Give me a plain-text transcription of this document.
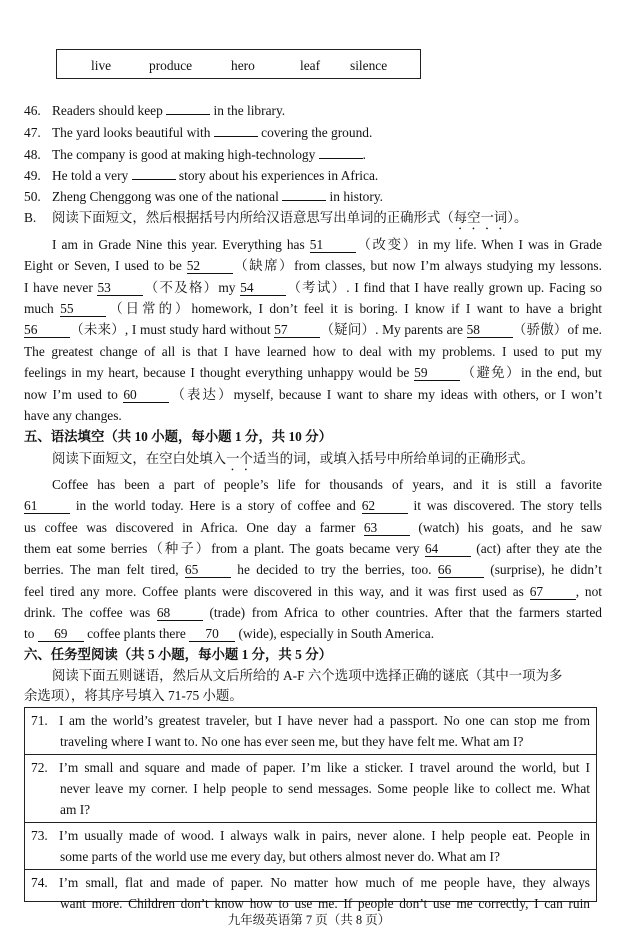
live	produce	hero	leaf silence
46. Readers should keep	in the library.
47. The yard looks beautiful with	covering the ground.
48. The company is good at making high-technology	.
49. He told a very	story about his experiences in Africa.
50. Zheng Chenggong was one of the national	in history.
B. 阅读下面短文，然后根据括号内所给汉语意思写出单词的正确形式（每空一词）。
I am in Grade Nine this year. Everything has 51 （改变）in my life. When I was in Grade
Eight or Seven, I used to be 52 （缺席）from classes, but now I’m always studying my lessons.
I have never 53 （不及格）my 54 （考试）. I find that I have really grown up. Facing so
much 55 （日常的）homework, I don’t feel it is boring. I know if I want to have a bright
56 （未来）, I must study hard without 57 （疑问）. My parents are 58 （骄傲）of me.
The greatest change of all is that I have learned how to deal with my problems. I used to put my
feelings in my heart, because I thought everything unhappy would be 59 （避免）in the end, but
now I’m used to 60 （表达）myself, because I want to share my ideas with others, or I won’t
have any changes.
五、语法填空（共 10 小题，每小题 1 分，共 10 分）
阅读下面短文，在空白处填入一个适当的词，或填入括号中所给单词的正确形式。
Coffee has been a part of people’s life for thousands of years, and it is still a favorite
61 in the world today. Here is a story of coffee and 62 it was discovered. The story tells
us coffee was discovered in Africa. One day a farmer 63 (watch) his goats, and he saw
them eat some berries（种子）from a plant. The goats became very 64 (act) after they ate the
berries. The man felt tired, 65 he decided to try the berries, too. 66 (surprise), he didn’t
feel tired any more. Coffee plants were discovered in this way, and it was first used as 67 , not
drink. The coffee was 68 (trade) from Africa to other countries. After that the farmers started
to 69 coffee plants there 70 (wide), especially in South America.
六、任务型阅读（共 5 小题，每小题 1 分，共 5 分）
阅读下面五则谜语，然后从文后所给的 A-F 六个选项中选择正确的谜底（其中一项为多
余选项），将其序号填入 71-75 小题。
71. I am the world’s greatest traveler, but I have never had a passport. No one can stop me from
traveling where I want to. No one has ever seen me, but they have felt me. What am I?
72. I’m small and square and made of paper. I’m like a sticker. I travel around the world, but I
never leave my corner. I help people to send messages. Some people like to collect me. What
am I?
73. I’m usually made of wood. I always walk in pairs, never alone. I help people eat. People in
some parts of the world use me every day, but others almost never do. What am I?
74. I’m small, flat and made of paper. No matter how much of me people have, they always
want more. Children don’t know how to use me. If people don’t use me correctly, I can ruin
九年级英语第 7 页（共 8 页）
